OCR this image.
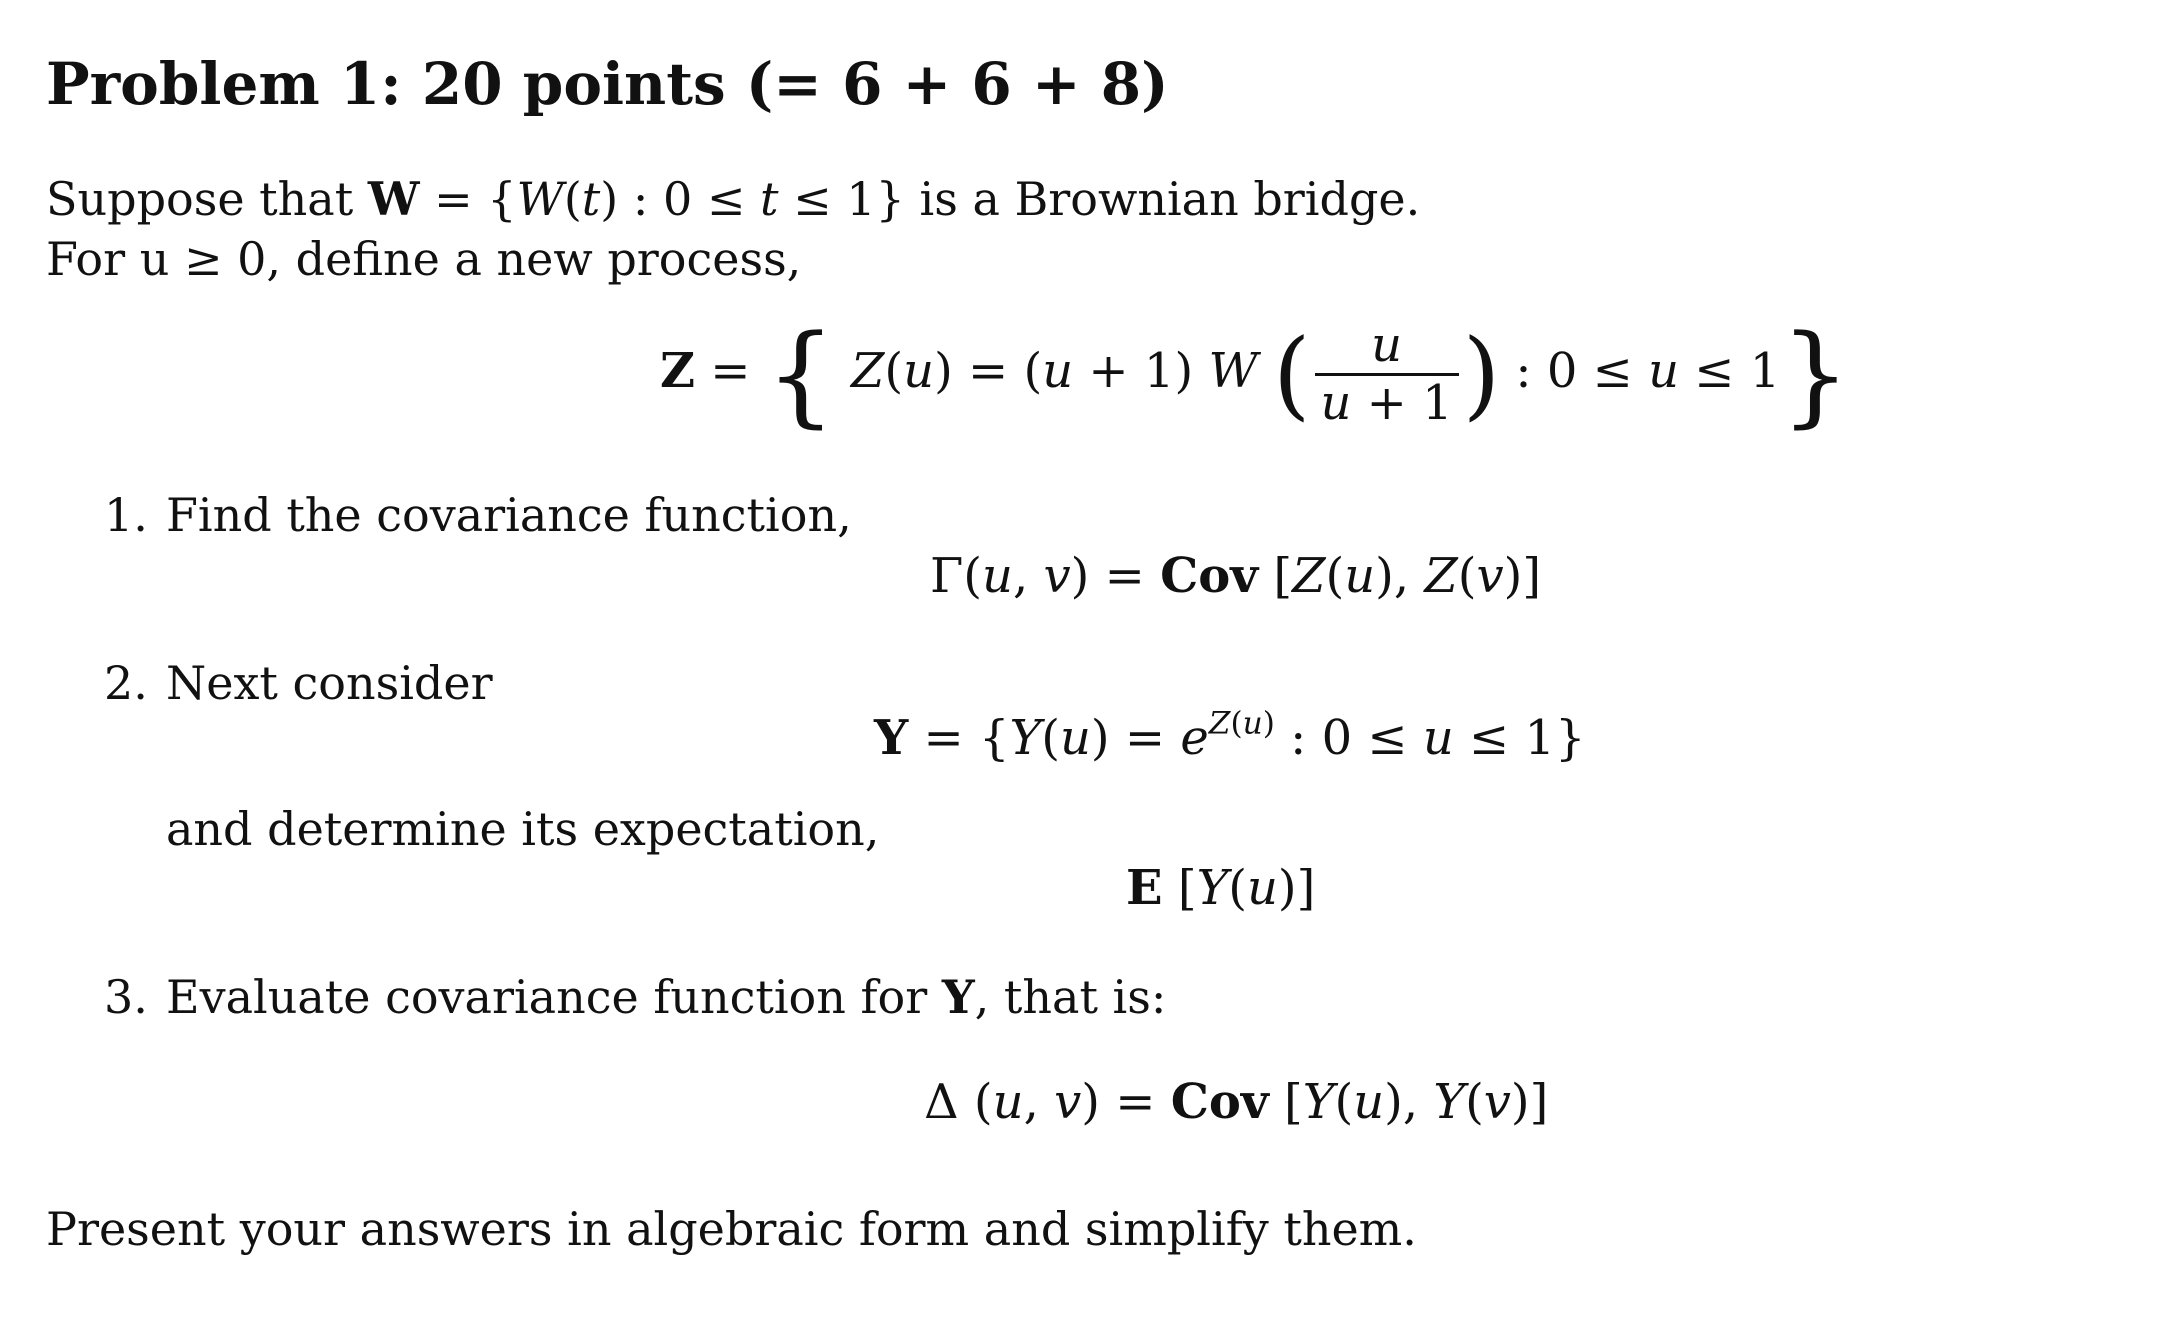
Problem 1: 20 points (= 6 + 6 + 8)
Suppose that W = {W(t) : 0 ≤ t ≤ 1} is a Brownian bridge.
For u ≥ 0, define a new process,
Z = { Z(u) = (u + 1) W ( $\frac{u}{u + 1}$ ) : 0 ≤ u ≤ 1}
1. Find the covariance function,
Γ(u, v) = Cov [Z(u), Z(v)]
2. Next consider
$Y = \{Y(u) = e^{Z(u)}$ : 0 ≤ u ≤ 1}
and determine its expectation,
E [Y(u)]
3. Evaluate covariance function for Y, that is:
Δ (u, v) = Cov [Y(u), Y(v)]
Present your answers in algebraic form and simplify them.
